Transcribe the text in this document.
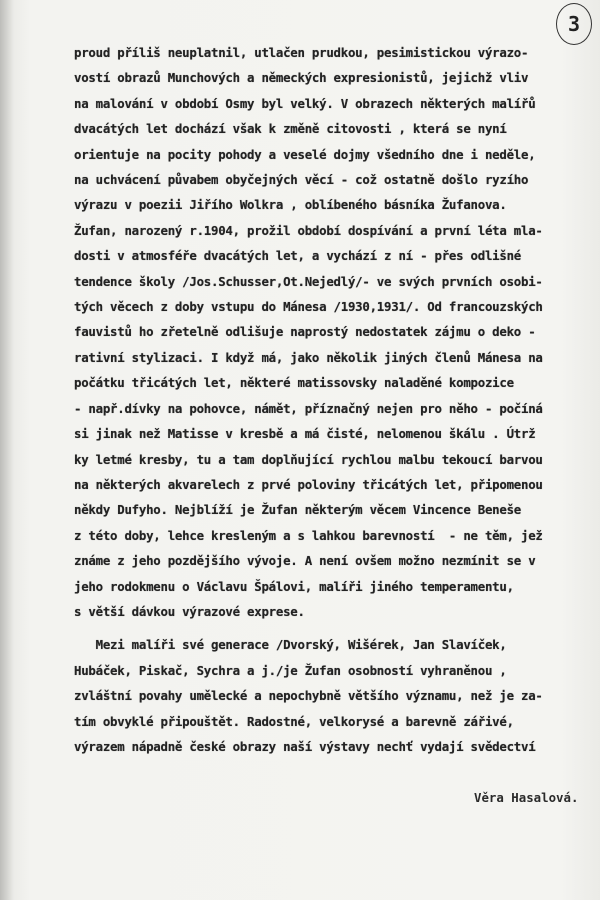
3
proud příliš neuplatnil, utlačen prudkou, pesimistickou výrazo-
vostí obrazů Munchových a německých expresionistů, jejichž vliv
na malování v období Osmy byl velký. V obrazech některých malířů
dvacátých let dochází však k změně citovosti , která se nyní
orientuje na pocity pohody a veselé dojmy všedního dne i neděle,
na uchvácení půvabem obyčejných věcí - což ostatně došlo ryzího
výrazu v poezii Jiřího Wolkra , oblíbeného básníka Žufanova.
Žufan, narozený r.1904, prožil období dospívání a první léta mla-
dosti v atmosféře dvacátých let, a vychází z ní - přes odlišné
tendence školy /Jos.Schusser,Ot.Nejedlý/- ve svých prvních osobi-
tých věcech z doby vstupu do Mánesa /1930,1931/. Od francouzských
fauvistů ho zřetelně odlišuje naprostý nedostatek zájmu o deko -
rativní stylizaci. I když má, jako několik jiných členů Mánesa na
počátku třicátých let, některé matissovsky naladěné kompozice
- např.dívky na pohovce, námět, příznačný nejen pro něho - počíná
si jinak než Matisse v kresbě a má čisté, nelomenou škálu . Útrž
ky letmé kresby, tu a tam doplňující rychlou malbu tekoucí barvou
na některých akvarelech z prvé poloviny třicátých let, připomenou
někdy Dufyho. Nejblíží je Žufan některým věcem Vincence Beneše
z této doby, lehce kresleným a s lahkou barevností  - ne těm, jež
známe z jeho pozdějšího vývoje. A není ovšem možno nezmínit se v
jeho rodokmenu o Václavu Špálovi, malíři jiného temperamentu,
s větší dávkou výrazové exprese.
Mezi malíři své generace /Dvorský, Wišérek, Jan Slavíček,
Hubáček, Piskač, Sychra a j./je Žufan osobností vyhraněnou ,
zvláštní povahy umělecké a nepochybně většího významu, než je za-
tím obvyklé připouštět. Radostné, velkorysé a barevně zářivé,
výrazem nápadně české obrazy naší výstavy nechť vydají svědectví
Věra Hasalová.
